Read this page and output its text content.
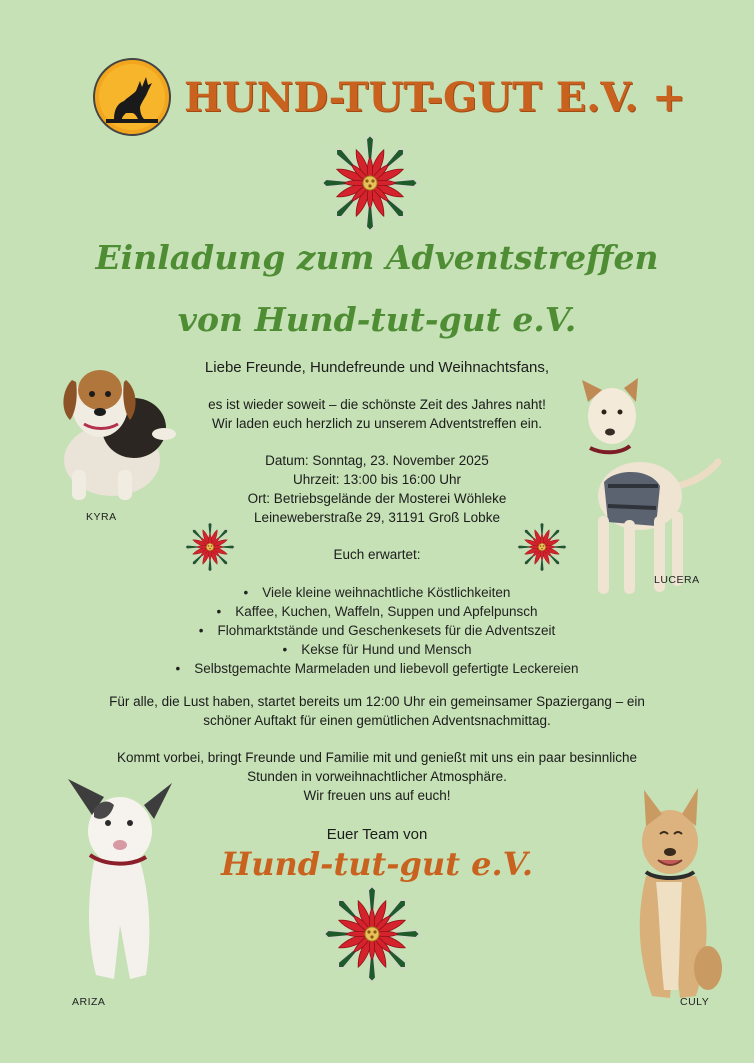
HUND-TUT-GUT E.V. +
Einladung zum Adventstreffen
von Hund-tut-gut e.V.
Liebe Freunde, Hundefreunde und Weihnachtsfans,
es ist wieder soweit – die schönste Zeit des Jahres naht!
Wir laden euch herzlich zu unserem Adventstreffen ein.
Datum: Sonntag, 23. November 2025
Uhrzeit: 13:00 bis 16:00 Uhr
Ort: Betriebsgelände der Mosterei Wöhleke
Leineweberstraße 29, 31191 Groß Lobke
Euch erwartet:
• Viele kleine weihnachtliche Köstlichkeiten
• Kaffee, Kuchen, Waffeln, Suppen und Apfelpunsch
• Flohmarktstände und Geschenkesets für die Adventszeit
• Kekse für Hund und Mensch
• Selbstgemachte Marmeladen und liebevoll gefertigte Leckereien
Für alle, die Lust haben, startet bereits um 12:00 Uhr ein gemeinsamer Spaziergang – ein
schöner Auftakt für einen gemütlichen Adventsnachmittag.
Kommt vorbei, bringt Freunde und Familie mit und genießt mit uns ein paar besinnliche
Stunden in vorweihnachtlicher Atmosphäre.
Wir freuen uns auf euch!
Euer Team von
Hund-tut-gut e.V.
KYRA
LUCERA
ARIZA	CULY
